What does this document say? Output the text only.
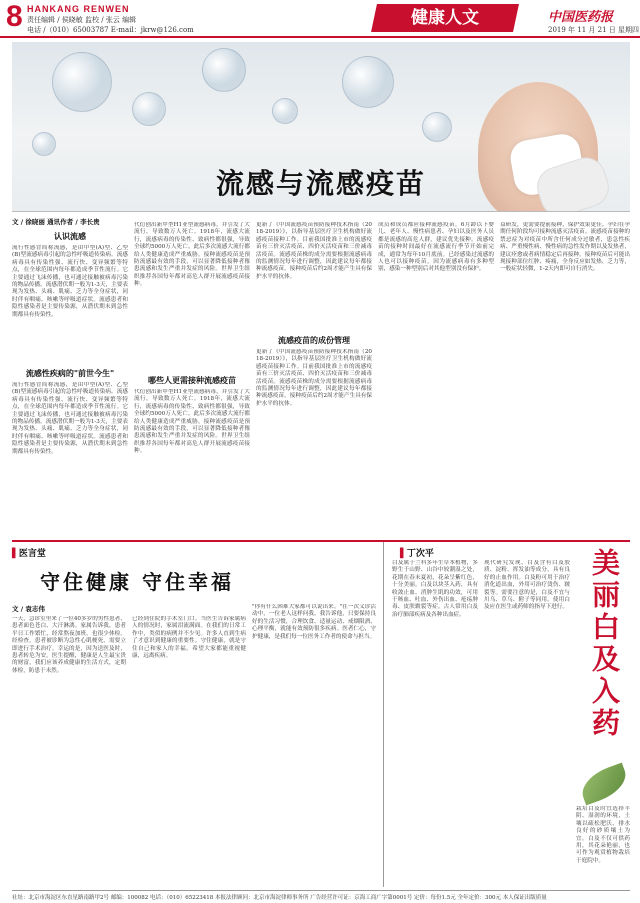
8 HANKANG RENWEN
责任编辑 / 侯晓敏 监校 / 张云 编辑
电话 /（010）65003787 E-mail：jkrw@126.com
健康人文	中国医药报
2019 年 11 月 21 日 星期四
流感与流感疫苗
文 / 徐晓丽 通讯作者 / 李长贵
认识流感
流行性感冒简称流感，是由甲型(A)型、乙型(B)型流感病毒引起的急性呼吸道传染病。流感病毒具有传染性强、流行快、变异频繁等特点，在全球范围内每年都造成季节性流行。它主要通过飞沫传播，也可通过接触被病毒污染的物品传播。流感潜伏期一般为1-3天，主要表现为发热、头痛、肌痛、乏力等全身症状，同时伴有咽痛、咳嗽等呼吸道症状。流感患者和隐性感染者是主要传染源，从潜伏期末到急性期都具有传染性。
流感性疾病的"前世今生"
流行性感冒简称流感，是由甲型(A)型、乙型(B)型流感病毒引起的急性呼吸道传染病。流感病毒具有传染性强、流行快、变异频繁等特点，在全球范围内每年都造成季节性流行。它主要通过飞沫传播，也可通过接触被病毒污染的物品传播。流感潜伏期一般为1-3天，主要表现为发热、头痛、肌痛、乏力等全身症状，同时伴有咽痛、咳嗽等呼吸道症状。流感患者和隐性感染者是主要传染源，从潜伏期末到急性期都具有传染性。
代衍创出新甲型H1亚型流感病毒，并引发了大流行，导致数万人死亡。1918年，流感大流行，流感病毒的传染性、致病性都很强，导致全球约5000万人死亡。此后多次流感大流行都给人类健康造成严重威胁。接种流感疫苗是预防流感最有效的手段，可以显著降低接种者罹患流感和发生严重并发症的风险。世界卫生组织推荐各国每年都对高危人群开展流感疫苗接种。
哪些人更需接种流感疫苗
代衍创出新甲型H1亚型流感病毒，并引发了大流行，导致数万人死亡。1918年，流感大流行，流感病毒的传染性、致病性都很强，导致全球约5000万人死亡。此后多次流感大流行都给人类健康造成严重威胁。接种流感疫苗是预防流感最有效的手段，可以显著降低接种者罹患流感和发生严重并发症的风险。世界卫生组织推荐各国每年都对高危人群开展流感疫苗接种。
更新了《中国流感疫苗预防接种技术指南（2018-2019）》，以指导基层医疗卫生机构做好流感疫苗接种工作。目前我国批准上市的流感疫苗有三价灭活疫苗、四价灭活疫苗和三价减毒活疫苗。流感疫苗株的成分需要根据流感病毒的监测情况每年进行调整，因此建议每年都接种流感疫苗。接种疫苗后约2周才能产生具有保护水平的抗体。
流感疫苗的成份管理
更新了《中国流感疫苗预防接种技术指南（2018-2019）》，以指导基层医疗卫生机构做好流感疫苗接种工作。目前我国批准上市的流感疫苗有三价灭活疫苗、四价灭活疫苗和三价减毒活疫苗。流感疫苗株的成分需要根据流感病毒的监测情况每年进行调整，因此建议每年都接种流感疫苗。接种疫苗后约2周才能产生具有保护水平的抗体。
成员和成员都应接种流感疫苗。6月龄以下婴儿、老年人、慢性病患者、孕妇以及医务人员都是流感的高危人群，建议优先接种。流感疫苗的接种时间最好在流感流行季节开始前完成，通常为每年10月底前。已经感染过流感的人也可以接种疫苗，因为流感病毒有多种型别，感染一种型别后对其他型别没有保护。
益研发，更需要提前接种，保护效果更佳。孕妇在孕期任何阶段均可接种流感灭活疫苗。流感疫苗接种的禁忌症为对疫苗中所含任何成分过敏者，患急性疾病、严重慢性病、慢性病的急性发作期以及发热者，建议痊愈或者病情稳定后再接种。接种疫苗后可能出现接种部位红肿、疼痛，全身反应如发热、乏力等，一般症状轻微，1-2天内即可自行消失。
▌医言堂
守住健康 守住幸福
文 / 袁志伟
一天，急诊室里来了一位40多岁的男性患者，患者面色苍白、大汗淋漓。家属告诉我，患者平日工作繁忙，经常熬夜加班，也很少体检。经检查，患者被诊断为急性心肌梗死，需要立即进行手术治疗。幸运的是，因为送医及时，患者转危为安。医生提醒，健康是人生最宝贵的财富，我们应该养成健康的生活方式，定期体检，防患于未然。
已经到住院的手术室门口。当医生告诉家属病人的情况时，家属泪流满面。在我们的日常工作中，类似的病例并不少见。许多人直到生病了才意识到健康的重要性。守住健康，就是守住自己和家人的幸福。希望大家都能重视健康，远离疾病。
"你有什么困难大家都可以说出来。"在一次义诊活动中，一位老人这样问我。我告诉他，只要保持良好的生活习惯，合理饮食、适量运动、戒烟限酒、心理平衡，就能有效预防很多疾病。医者仁心，守护健康，是我们每一位医务工作者的使命与担当。
▌丁次平
白及属于兰科多年生草本植物，多野生于山野、山谷中较潮湿之处，花期在春末夏初，花朵呈紫红色，十分美丽。白及以块茎入药，具有收敛止血、消肿生肌的功效，可用于咳血、吐血、外伤出血、疮疡肿毒、皮肤皲裂等症。古人常用白及治疗肺部疾病及各种出血症。
现代研究发现，白及含有白及胶质、淀粉、挥发油等成分，具有良好的止血作用。白及粉可用于治疗消化道出血，外用可治疗烫伤、皲裂等。需要注意的是，白及不宜与川乌、草乌、附子等同用。使用白及应在医生或药师的指导下进行。 美丽白及入药
栽培白及时宜选择半阴、湿润的环境，土壤以疏松肥沃、排水良好的砂质壤土为宜。白及不仅可供药用，其花朵艳丽，也可作为观赏植物栽培于庭院中。
社址：北京市海淀区东直星路南路甲2号 邮编：100082 电话：（010）65223418 本报法律顾问：北京市海淀律师事务所 广告经营许可证：京海工商广字第0001号 定价：每份1.5元 全年定价：300元 本人保证出版质量
